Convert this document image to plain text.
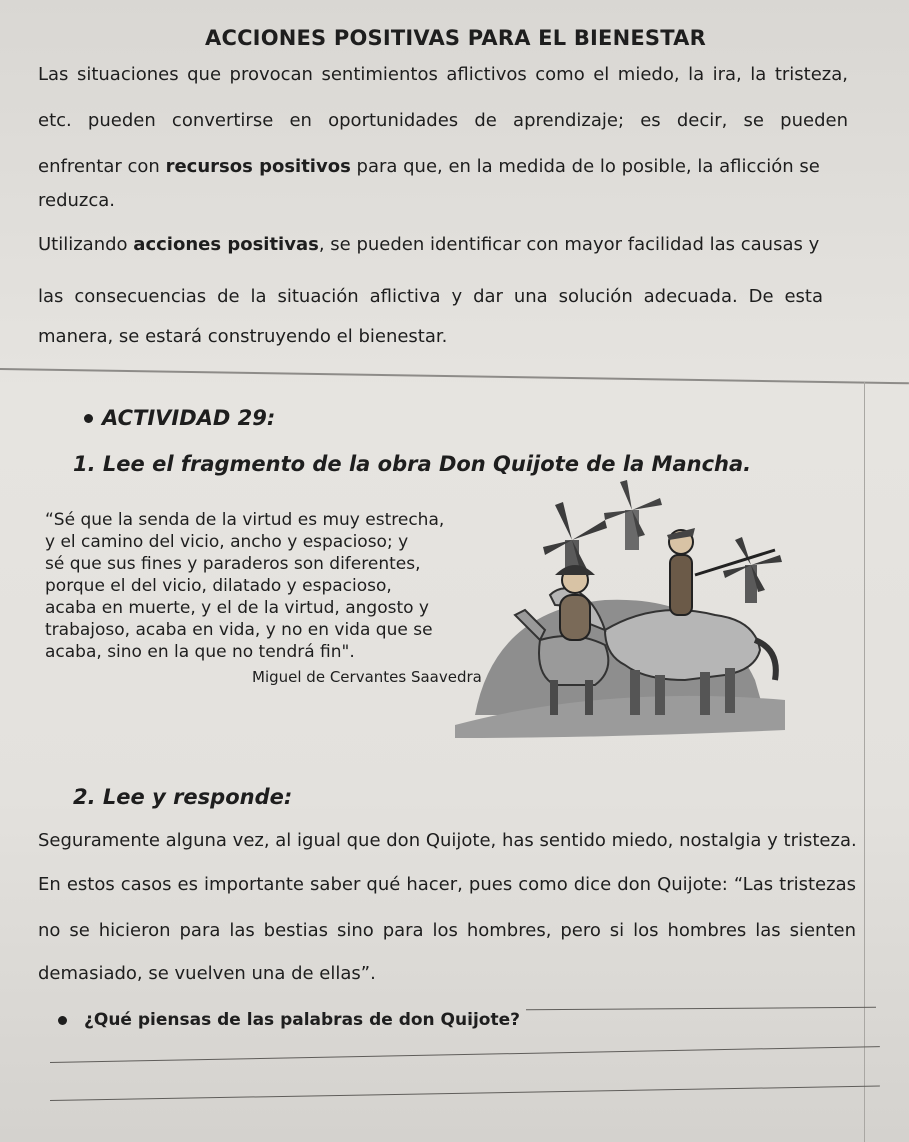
ACCIONES POSITIVAS PARA EL BIENESTAR
Las situaciones que provocan sentimientos aflictivos como el miedo, la ira, la tristeza,
etc. pueden convertirse en oportunidades de aprendizaje; es decir, se pueden
enfrentar con recursos positivos para que, en la medida de lo posible, la aflicción se
reduzca.
Utilizando acciones positivas, se pueden identificar con mayor facilidad las causas y
las consecuencias de la situación aflictiva y dar una solución adecuada. De esta
manera, se estará construyendo el bienestar.
ACTIVIDAD 29:
1. Lee el fragmento de la obra Don Quijote de la Mancha.
“Sé que la senda de la virtud es muy estrecha,
y el camino del vicio, ancho y espacioso; y
sé que sus fines y paraderos son diferentes,
porque el del vicio, dilatado y espacioso,
acaba en muerte, y el de la virtud, angosto y
trabajoso, acaba en vida, y no en vida que se
acaba, sino en la que no tendrá fin".
Miguel de Cervantes Saavedra
2. Lee y responde:
Seguramente alguna vez, al igual que don Quijote, has sentido miedo, nostalgia y tristeza.
En estos casos es importante saber qué hacer, pues como dice don Quijote: “Las tristezas
no se hicieron para las bestias sino para los hombres, pero si los hombres las sienten
demasiado, se vuelven una de ellas”.
¿Qué piensas de las palabras de don Quijote?
